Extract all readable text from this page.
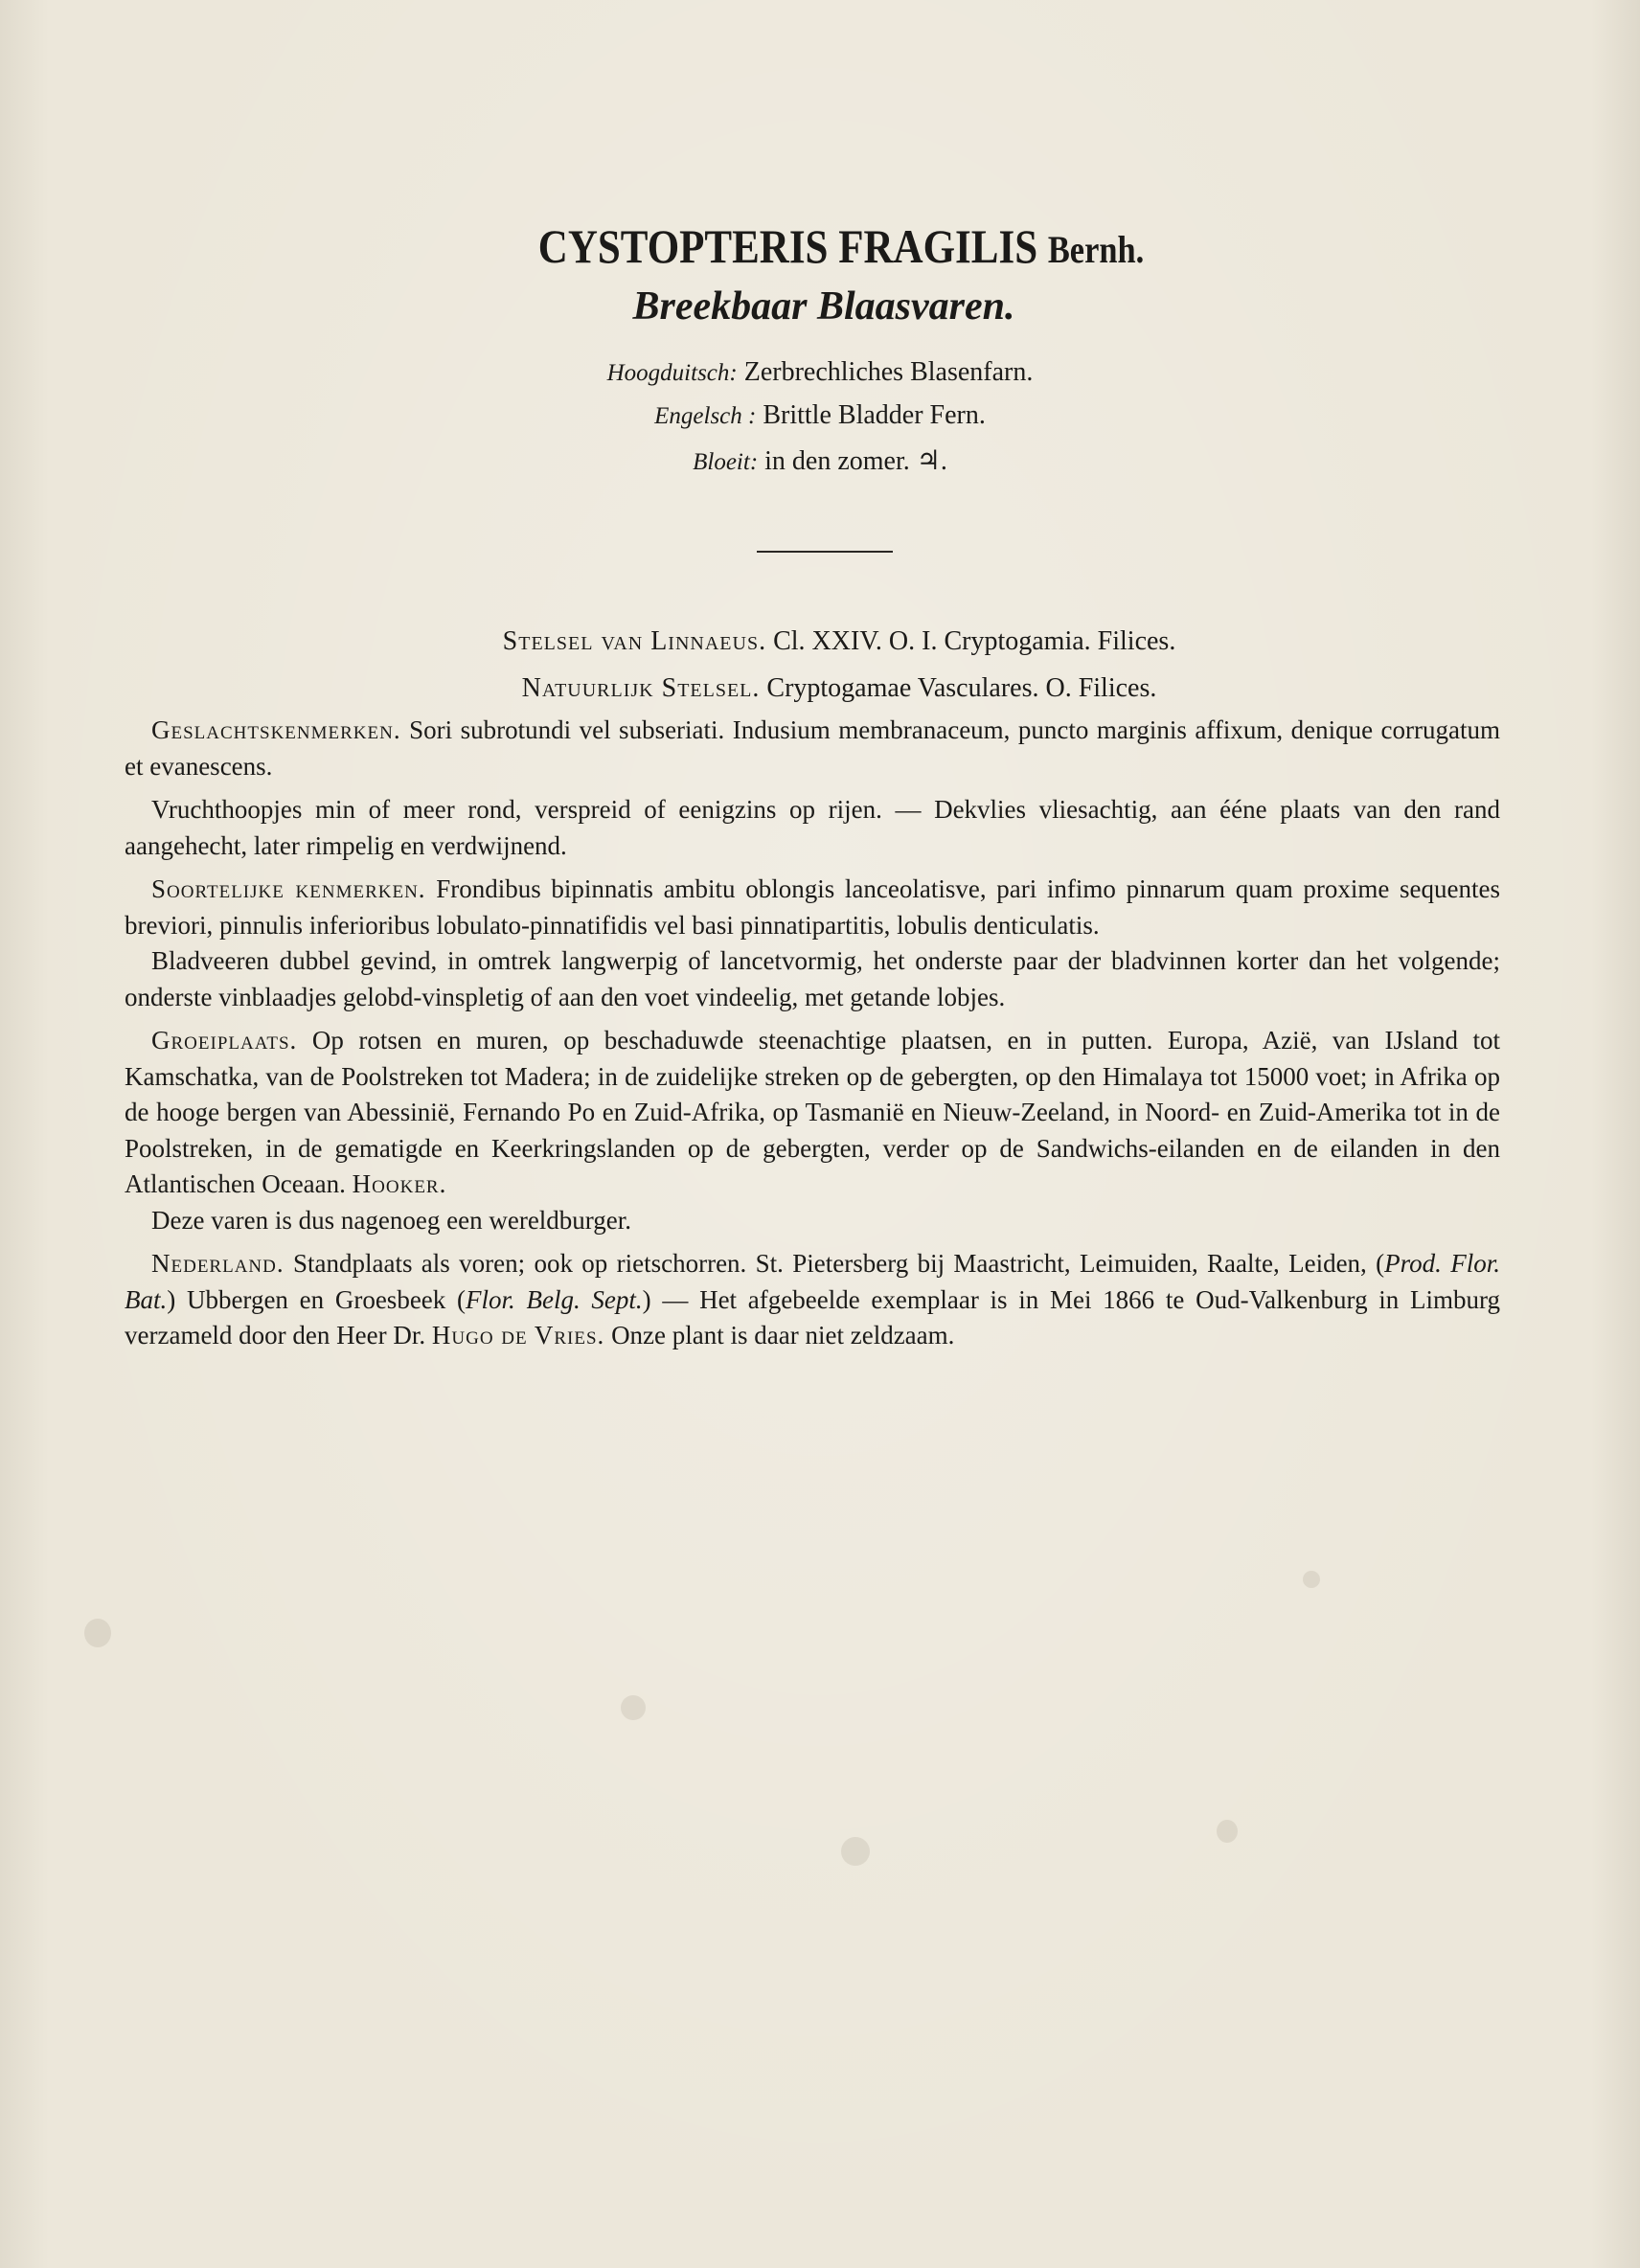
CYSTOPTERIS FRAGILIS Bernh.
Breekbaar Blaasvaren.
Hoogduitsch: Zerbrechliches Blasenfarn.
Engelsch : Brittle Bladder Fern.
Bloeit: in den zomer. ♃.
Stelsel van Linnaeus. Cl. XXIV. O. I. Cryptogamia. Filices.
Natuurlijk Stelsel. Cryptogamae Vasculares. O. Filices.

Geslachtskenmerken. Sori subrotundi vel subseriati. Indusium membranaceum, puncto marginis affixum, denique corrugatum et evanescens.

Vruchthoopjes min of meer rond, verspreid of eenigzins op rijen. — Dekvlies vliesachtig, aan ééne plaats van den rand aangehecht, later rimpelig en verdwijnend.

Soortelijke kenmerken. Frondibus bipinnatis ambitu oblongis lanceolatisve, pari infimo pinnarum quam proxime sequentes breviori, pinnulis inferioribus lobulato-pinnatifidis vel basi pinnatipartitis, lobulis denticulatis.

Bladveeren dubbel gevind, in omtrek langwerpig of lancetvormig, het onderste paar der bladvinnen korter dan het volgende; onderste vinblaadjes gelobd-vinspletig of aan den voet vindeelig, met getande lobjes.

Groeiplaats. Op rotsen en muren, op beschaduwde steenachtige plaatsen, en in putten. Europa, Azië, van IJsland tot Kamschatka, van de Poolstreken tot Madera; in de zuidelijke streken op de gebergten, op den Himalaya tot 15000 voet; in Afrika op de hooge bergen van Abessinië, Fernando Po en Zuid-Afrika, op Tasmanië en Nieuw-Zeeland, in Noord- en Zuid-Amerika tot in de Poolstreken, in de gematigde en Keerkringslanden op de gebergten, verder op de Sandwichs-eilanden en de eilanden in den Atlantischen Oceaan. Hooker.

Deze varen is dus nagenoeg een wereldburger.

Nederland. Standplaats als voren; ook op rietschorren. St. Pietersberg bij Maastricht, Leimuiden, Raalte, Leiden, (Prod. Flor. Bat.) Ubbergen en Groesbeek (Flor. Belg. Sept.) — Het afgebeelde exemplaar is in Mei 1866 te Oud-Valkenburg in Limburg verzameld door den Heer Dr. Hugo de Vries. Onze plant is daar niet zeldzaam.
